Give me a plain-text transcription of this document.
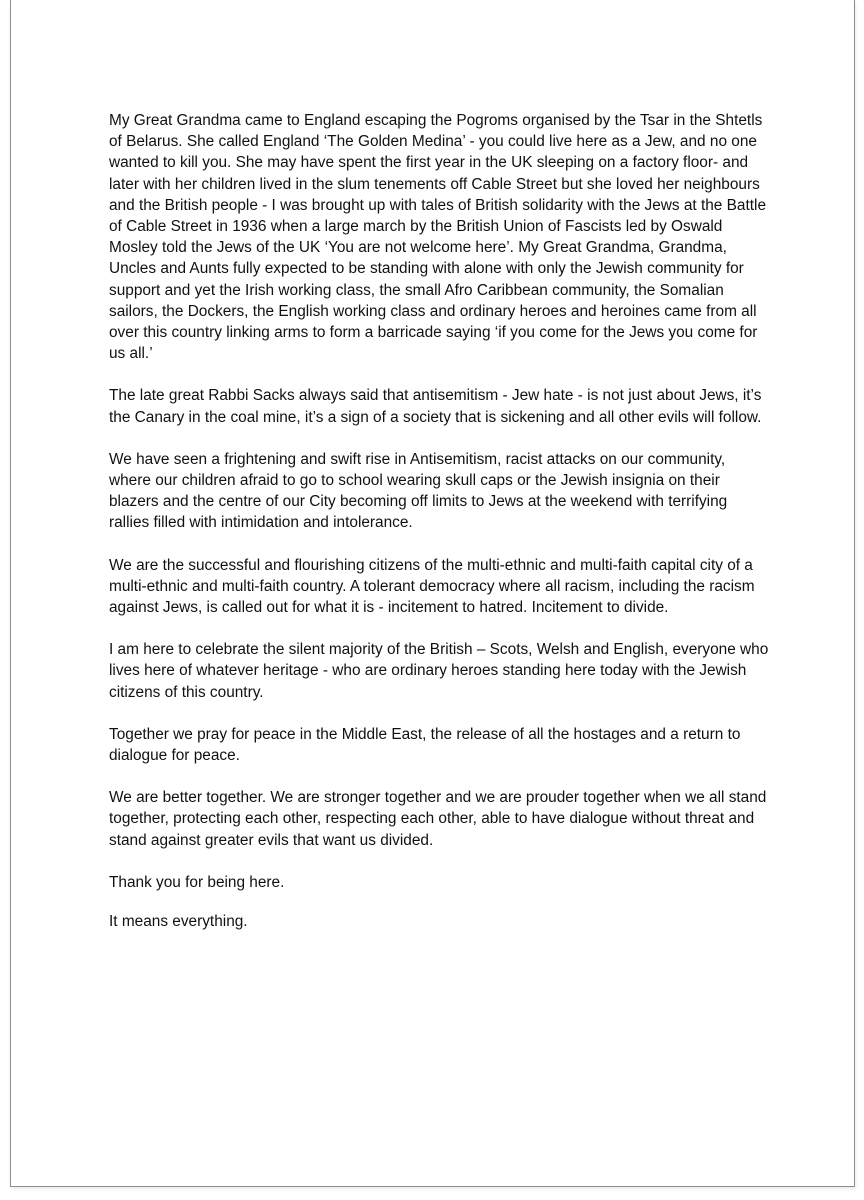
My Great Grandma came to England escaping the Pogroms organised by the Tsar in the Shtetls of Belarus. She called England ‘The Golden Medina’ - you could live here as a Jew, and no one wanted to kill you. She may have spent the first year in the UK sleeping on a factory floor- and later with her children lived in the slum tenements off Cable Street but she loved her neighbours and the British people - I was brought up with tales of British solidarity with the Jews at the Battle of Cable Street in 1936 when a large march by the British Union of Fascists led by Oswald Mosley told the Jews of the UK ‘You are not welcome here’. My Great Grandma, Grandma, Uncles and Aunts fully expected to be standing with alone with only the Jewish community for support and yet the Irish working class, the small Afro Caribbean community, the Somalian sailors, the Dockers, the English working class and ordinary heroes and heroines came from all over this country linking arms to form a barricade saying ‘if you come for the Jews you come for us all.’

The late great Rabbi Sacks always said that antisemitism - Jew hate - is not just about Jews, it’s the Canary in the coal mine, it’s a sign of a society that is sickening and all other evils will follow.

We have seen a frightening and swift rise in Antisemitism, racist attacks on our community, where our children afraid to go to school wearing skull caps or the Jewish insignia on their blazers and the centre of our City becoming off limits to Jews at the weekend with terrifying rallies filled with intimidation and intolerance.

We are the successful and flourishing citizens of the multi-ethnic and multi-faith capital city of a multi-ethnic and multi-faith country. A tolerant democracy where all racism, including the racism against Jews, is called out for what it is - incitement to hatred. Incitement to divide.

I am here to celebrate the silent majority of the British – Scots, Welsh and English, everyone who lives here of whatever heritage - who are ordinary heroes standing here today with the Jewish citizens of this country.

Together we pray for peace in the Middle East, the release of all the hostages and a return to dialogue for peace.

We are better together. We are stronger together and we are prouder together when we all stand together, protecting each other, respecting each other, able to have dialogue without threat and stand against greater evils that want us divided.

Thank you for being here.

It means everything.
